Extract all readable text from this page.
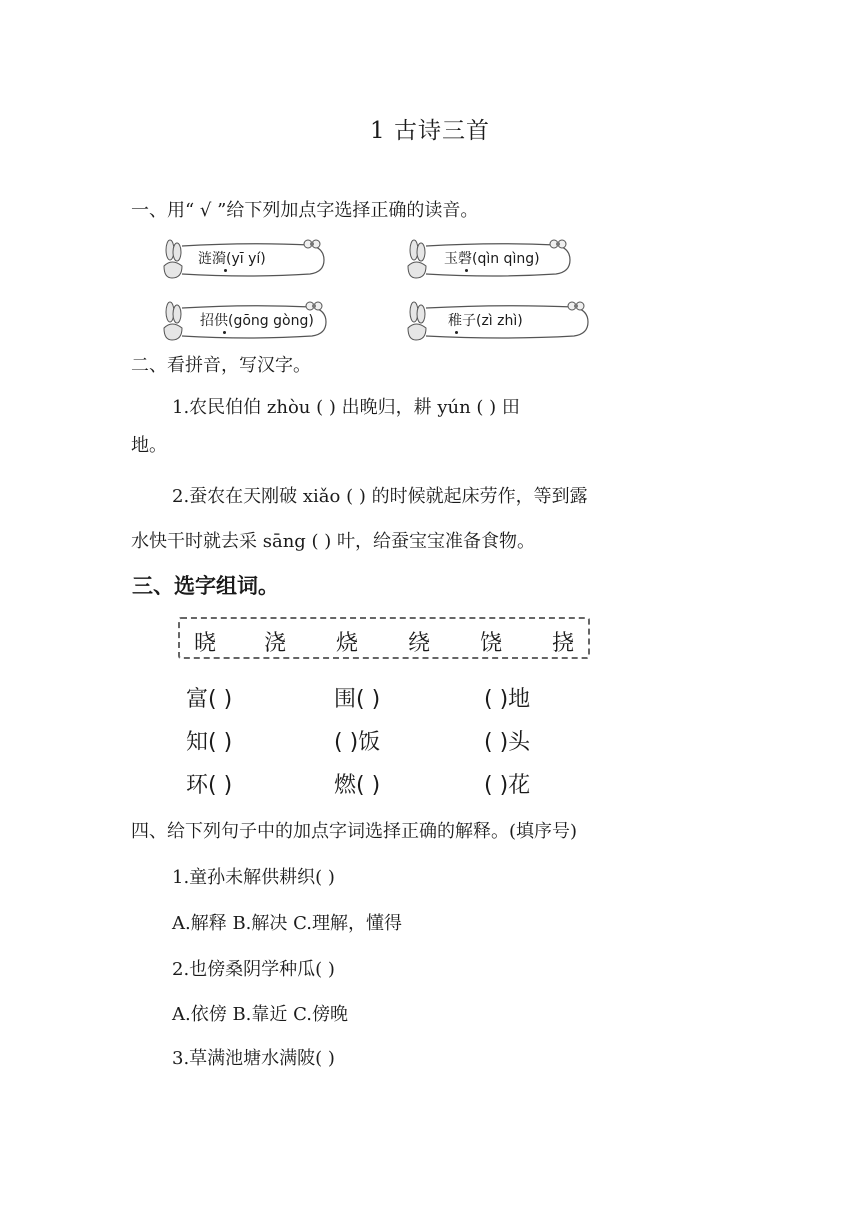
1 古诗三首
一、用“ √ ”给下列加点字选择正确的读音。
涟漪(yī yí)	玉磬(qìn qìng)
招供(gōng gòng)	稚子(zì zhì)
二、看拼音，写汉字。
1.农民伯伯 zhòu ( ) 出晚归，耕 yún ( ) 田
地。
2.蚕农在天刚破 xiǎo ( ) 的时候就起床劳作，等到露
水快干时就去采 sāng ( ) 叶，给蚕宝宝准备食物。
三、选字组词。
晓 浇 烧 绕 饶 挠
富( )	围( )	( )地
知( )	( )饭	( )头
环( )	燃( )	( )花
四、给下列句子中的加点字词选择正确的解释。(填序号)
1.童孙未解供耕织( )
A.解释 B.解决 C.理解，懂得
2.也傍桑阴学种瓜( )
A.依傍 B.靠近 C.傍晚
3.草满池塘水满陂( )
